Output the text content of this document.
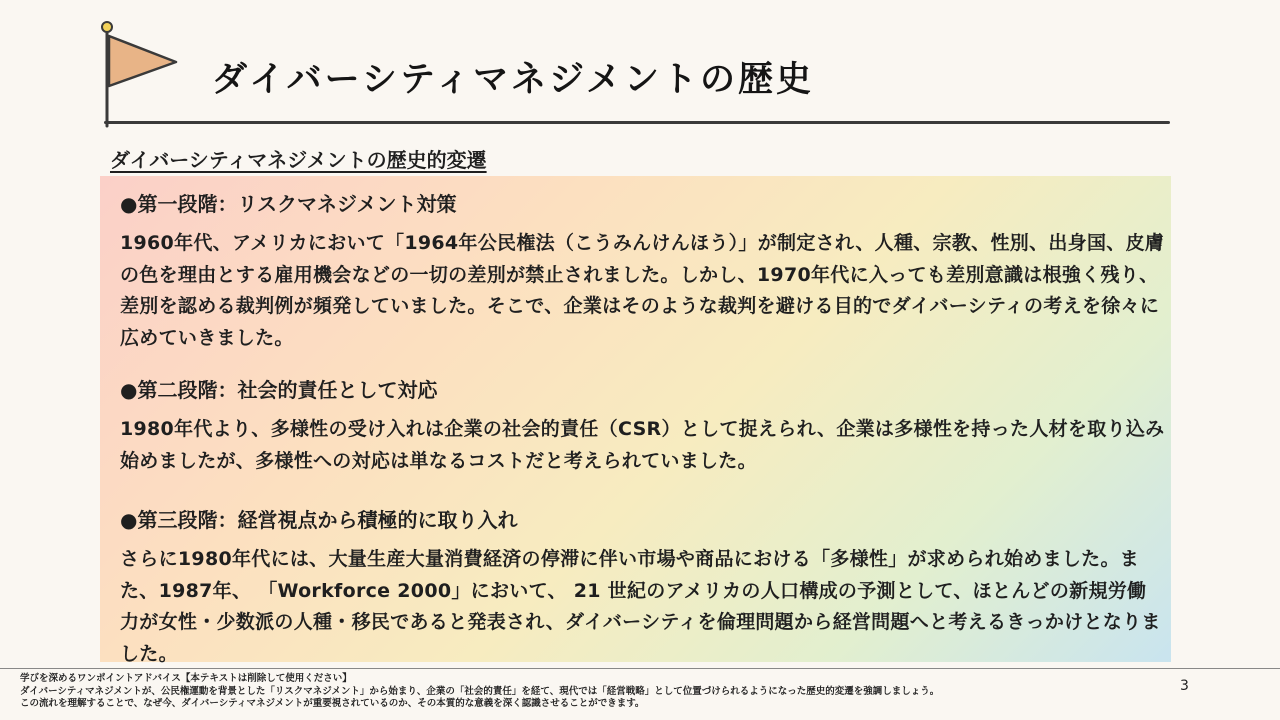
ダイバーシティマネジメントの歴史
ダイバーシティマネジメントの歴史的変遷
●第一段階：リスクマネジメント対策
1960年代、アメリカにおいて「1964年公民権法（こうみんけんほう）」が制定され、人種、宗教、性別、出身国、皮膚の色を理由とする雇用機会などの一切の差別が禁止されました。しかし、1970年代に入っても差別意識は根強く残り、差別を認める裁判例が頻発していました。そこで、企業はそのような裁判を避ける目的でダイバーシティの考えを徐々に広めていきました。
●第二段階：社会的責任として対応
1980年代より、多様性の受け入れは企業の社会的責任（CSR）として捉えられ、企業は多様性を持った人材を取り込み始めましたが、多様性への対応は単なるコストだと考えられていました。
●第三段階：経営視点から積極的に取り入れ
さらに1980年代には、大量生産大量消費経済の停滞に伴い市場や商品における「多様性」が求められ始めました。また、1987年、 「Workforce 2000」において、 21 世紀のアメリカの人口構成の予測として、ほとんどの新規労働力が女性・少数派の人種・移民であると発表され、ダイバーシティを倫理問題から経営問題へと考えるきっかけとなりました。
学びを深めるワンポイントアドバイス【本テキストは削除して使用ください】
ダイバーシティマネジメントが、公民権運動を背景とした「リスクマネジメント」から始まり、企業の「社会的責任」を経て、現代では「経営戦略」として位置づけられるようになった歴史的変遷を強調しましょう。
この流れを理解することで、なぜ今、ダイバーシティマネジメントが重要視されているのか、その本質的な意義を深く認識させることができます。
3
